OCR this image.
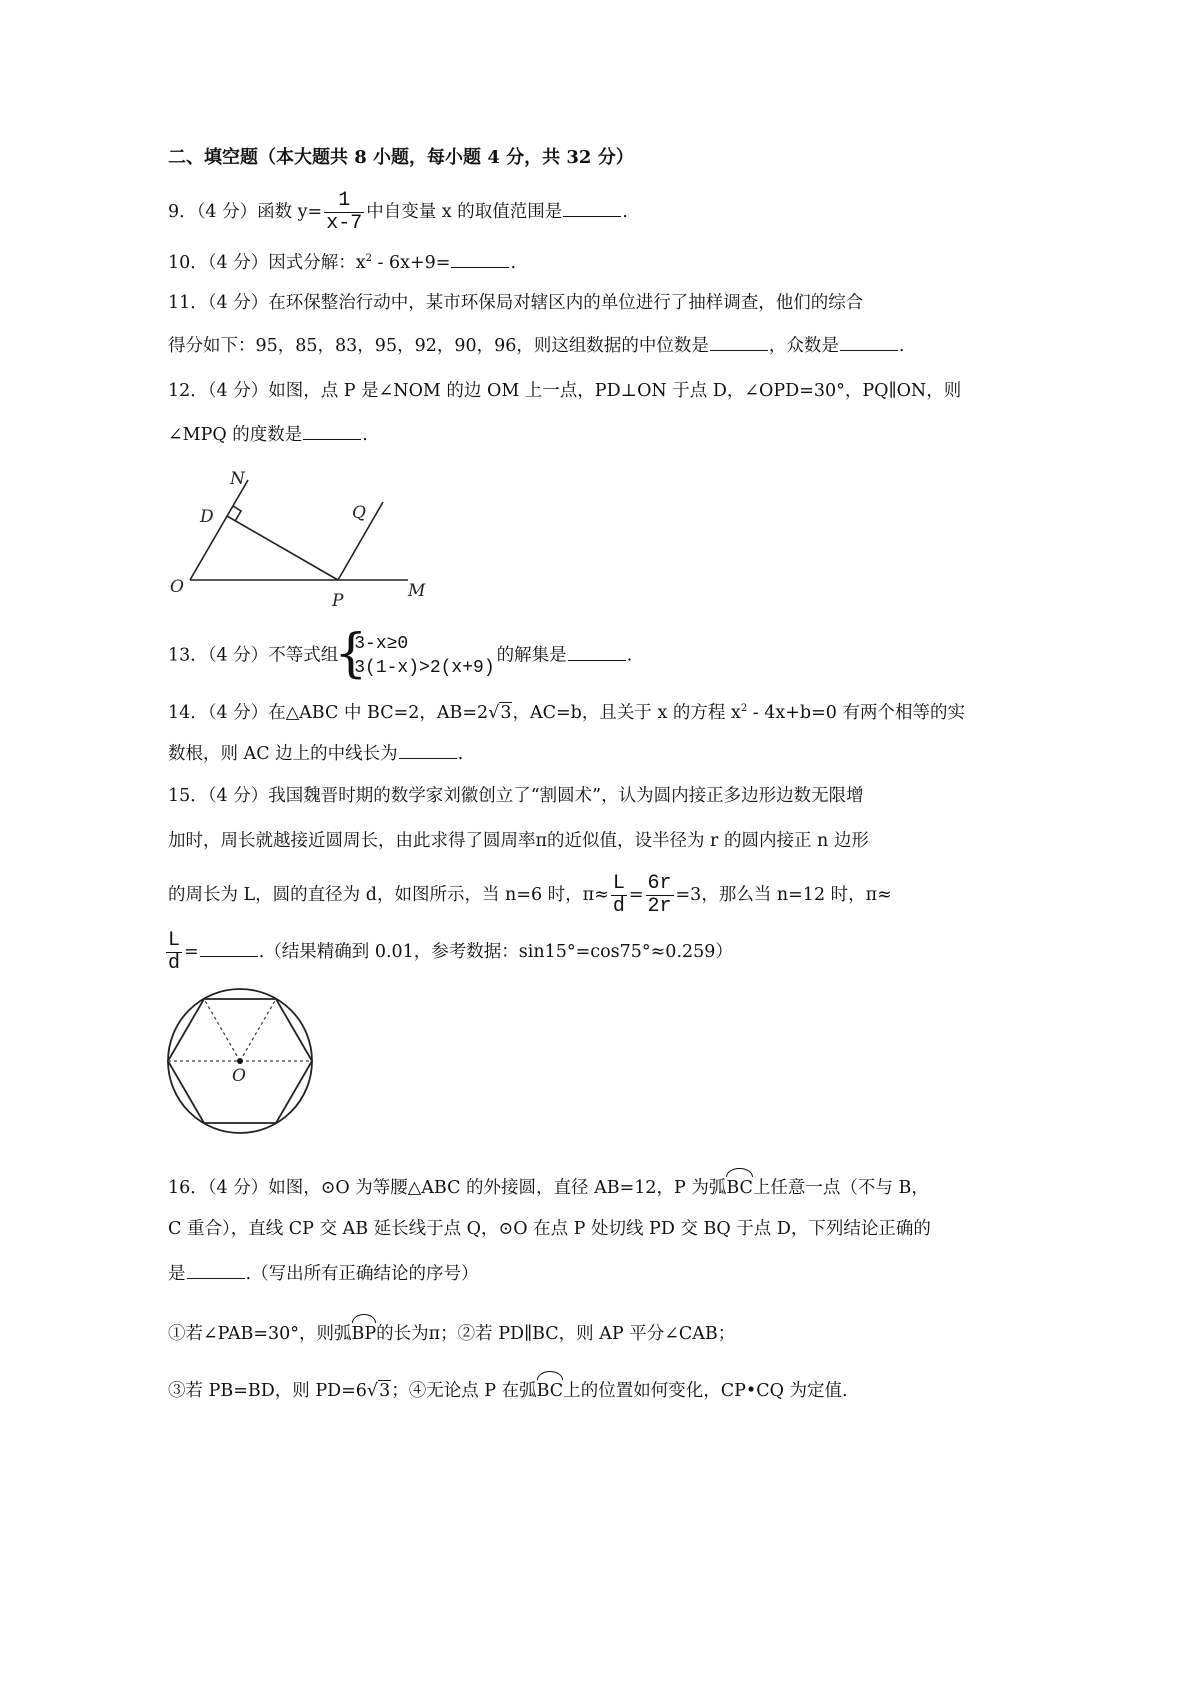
二、填空题（本大题共 8 小题，每小题 4 分，共 32 分）
9．（4 分）函数 $y= \frac{1}{x-7}$ 中自变量 x 的取值范围是	.
10．（4 分）因式分解：$x^2 - 6x+9=$	.
11．（4 分）在环保整治行动中，某市环保局对辖区内的单位进行了抽样调查，他们的综合
得分如下：95，85，83，95，92，90，96，则这组数据的中位数是	，众数是	.
12．（4 分）如图，点 P 是∠NOM 的边 OM 上一点，PD⊥ON 于点 D，∠OPD=30°，PQ∥ON，则
∠MPQ 的度数是	.
O
D
N
P
Q
M
13．（4 分）不等式组
{ 3-x≥0
3(1-x)>2(x+9)
的解集是	.
14．（4 分）在△ABC 中 BC=2，AB=2√3，AC=b，且关于 x 的方程 $x^2 - 4x+b=0$ 有两个相等的实
数根，则 AC 边上的中线长为	.
15．（4 分）我国魏晋时期的数学家刘徽创立了“割圆术”，认为圆内接正多边形边数无限增
加时，周长就越接近圆周长，由此求得了圆周率π的近似值，设半径为 r 的圆内接正 n 边形
的周长为 L，圆的直径为 d，如图所示，当 n=6 时，$\pi\approx \frac{L}{d} = \frac{6r}{2r} =3$，那么当 n=12 时，π≈
$\frac{L}{d}$ =	.（结果精确到 0.01，参考数据：sin15°=cos75°≈0.259）
O
16．（4 分）如图，⊙O 为等腰△ABC 的外接圆，直径 AB=12，P 为弧BC上任意一点（不与 B，
C 重合），直线 CP 交 AB 延长线于点 Q，⊙O 在点 P 处切线 PD 交 BQ 于点 D，下列结论正确的
是	.（写出所有正确结论的序号）
①若∠PAB=30°，则弧BP的长为π；②若 PD∥BC，则 AP 平分∠CAB；
③若 PB=BD，则 PD=6√3；④无论点 P 在弧BC上的位置如何变化，CP•CQ 为定值.
